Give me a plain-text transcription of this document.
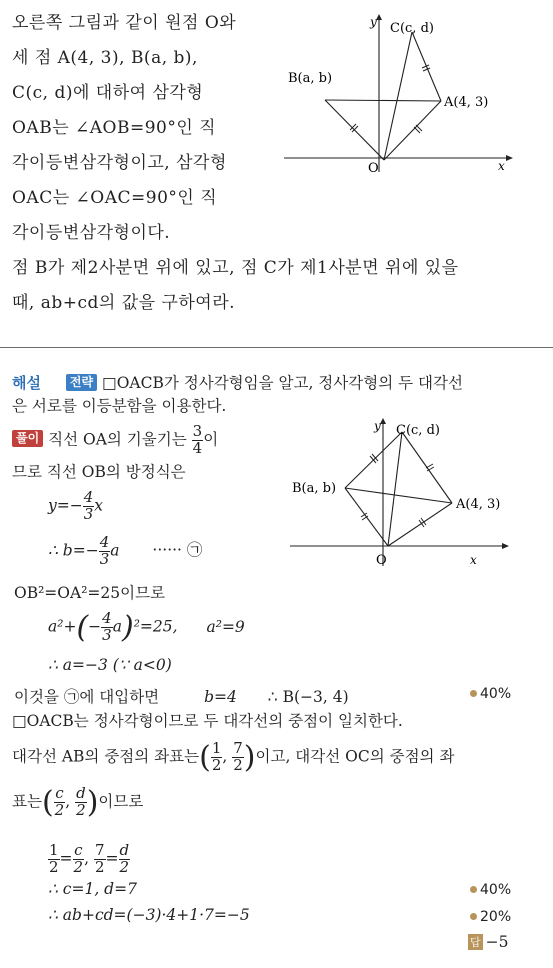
오른쪽 그림과 같이 원점 O와
세 점 A(4, 3), B(a, b),
C(c, d)에 대하여 삼각형
OAB는 ∠AOB=90°인 직
각이등변삼각형이고, 삼각형
OAC는 ∠OAC=90°인 직
각이등변삼각형이다.
점 B가 제2사분면 위에 있고, 점 C가 제1사분면 위에 있을
때, ab+cd의 값을 구하여라.
y
x
O
A(4, 3)
B(a, b)
C(c, d)
해설 전략 □OACB가 정사각형임을 알고, 정사각형의 두 대각선
은 서로를 이등분함을 이용한다.
풀이 직선 OA의 기울기는 $\frac{3}{4}$ 이
므로 직선 OB의 방정식은
$y=- \frac{4}{3}$ x
∴ $b=- \frac{4}{3}$ a ······ ㉠
OB²=OA²=25이므로
$a^2+(- \frac{4}{3} a)^2=25$, a²=9
∴ a=−3 (∵ a<0)
이것을 ㉠에 대입하면	b=4 ∴ B(−3, 4)	40%
□OACB는 정사각형이므로 두 대각선의 중점이 일치한다.
대각선 AB의 중점의 좌표는( $\frac{1}{2}$ , $\frac{7}{2}$ )이고, 대각선 OC의 중점의 좌
표는( $\frac{c}{2}$ , $\frac{d}{2}$ )이므로
$\frac{1}{2} = \frac{c}{2}$ , $\frac{7}{2} = \frac{d}{2}$
∴ c=1, d=7	40%
∴ ab+cd=(−3)·4+1·7=−5	20%
답 −5
y
x
O
A(4, 3)
B(a, b)
C(c, d)
